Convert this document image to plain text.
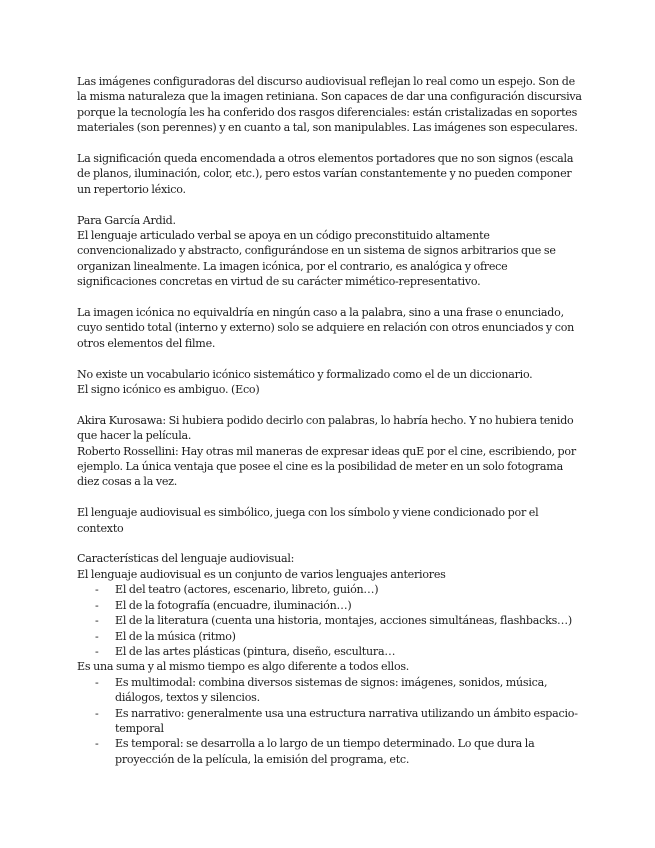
Las imágenes configuradoras del discurso audiovisual reflejan lo real como un espejo. Son de la misma naturaleza que la imagen retiniana. Son capaces de dar una configuración discursiva porque la tecnología les ha conferido dos rasgos diferenciales: están cristalizadas en soportes materiales (son perennes) y en cuanto a tal, son manipulables. Las imágenes son especulares.

La significación queda encomendada a otros elementos portadores que no son signos (escala de planos, iluminación, color, etc.), pero estos varían constantemente y no pueden componer un repertorio léxico.

Para García Ardid.

El lenguaje articulado verbal se apoya en un código preconstituido altamente convencionalizado y abstracto, configurándose en un sistema de signos arbitrarios que se organizan linealmente. La imagen icónica, por el contrario, es analógica y ofrece significaciones concretas en virtud de su carácter mimético-representativo.

La imagen icónica no equivaldría en ningún caso a la palabra, sino a una frase o enunciado, cuyo sentido total (interno y externo) solo se adquiere en relación con otros enunciados y con otros elementos del filme.

No existe un vocabulario icónico sistemático y formalizado como el de un diccionario.

El signo icónico es ambiguo. (Eco)

Akira Kurosawa: Si hubiera podido decirlo con palabras, lo habría hecho. Y no hubiera tenido que hacer la película.

Roberto Rossellini: Hay otras mil maneras de expresar ideas quE por el cine, escribiendo, por ejemplo. La única ventaja que posee el cine es la posibilidad de meter en un solo fotograma diez cosas a la vez.

El lenguaje audiovisual es simbólico, juega con los símbolo y viene condicionado por el contexto

Características del lenguaje audiovisual:

El lenguaje audiovisual es un conjunto de varios lenguajes anteriores

- El del teatro (actores, escenario, libreto, guión…)
- El de la fotografía (encuadre, iluminación…)
- El de la literatura (cuenta una historia, montajes, acciones simultáneas, flashbacks…)
- El de la música (ritmo)
- El de las artes plásticas (pintura, diseño, escultura…

Es una suma y al mismo tiempo es algo diferente a todos ellos.

- Es multimodal: combina diversos sistemas de signos: imágenes, sonidos, música, diálogos, textos y silencios.
- Es narrativo: generalmente usa una estructura narrativa utilizando un ámbito espacio-temporal
- Es temporal: se desarrolla a lo largo de un tiempo determinado. Lo que dura la proyección de la película, la emisión del programa, etc.
